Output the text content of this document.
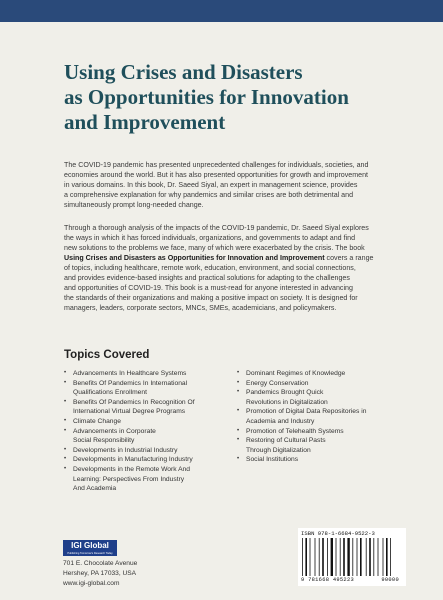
Using Crises and Disasters
as Opportunities for Innovation
and Improvement
The COVID-19 pandemic has presented unprecedented challenges for individuals, societies, and
economies around the world. But it has also presented opportunities for growth and improvement
in various domains. In this book, Dr. Saeed Siyal, an expert in management science, provides
a comprehensive explanation for why pandemics and similar crises are both detrimental and
simultaneously prompt long-needed change.
Through a thorough analysis of the impacts of the COVID-19 pandemic, Dr. Saeed Siyal explores
the ways in which it has forced individuals, organizations, and governments to adapt and find
new solutions to the problems we face, many of which were exacerbated by the crisis. The book
Using Crises and Disasters as Opportunities for Innovation and Improvement covers a range
of topics, including healthcare, remote work, education, environment, and social connections,
and provides evidence-based insights and practical solutions for adapting to the challenges
and opportunities of COVID-19. This book is a must-read for anyone interested in advancing
the standards of their organizations and making a positive impact on society. It is designed for
managers, leaders, corporate sectors, MNCs, SMEs, academicians, and policymakers.
Topics Covered
• Advancements In Healthcare Systems
• Benefits Of Pandemics In International
Qualifications Enrollment
• Benefits Of Pandemics In Recognition Of
International Virtual Degree Programs
• Climate Change
• Advancements in Corporate
Social Responsibility
• Developments in Industrial Industry
• Developments in Manufacturing Industry
• Developments in the Remote Work And
Learning: Perspectives From Industry
And Academia
• Dominant Regimes of Knowledge
• Energy Conservation
• Pandemics Brought Quick
Revolutions in Digitalization
• Promotion of Digital Data Repositories in
Academia and Industry
• Promotion of Telehealth Systems
• Restoring of Cultural Pasts
Through Digitalization
• Social Institutions
IGI Global
Publishing Tomorrow's Research Today
701 E. Chocolate Avenue
Hershey, PA 17033, USA
www.igi-global.com
ISBN 978-1-6684-9522-3
9 781668 495223	90000
